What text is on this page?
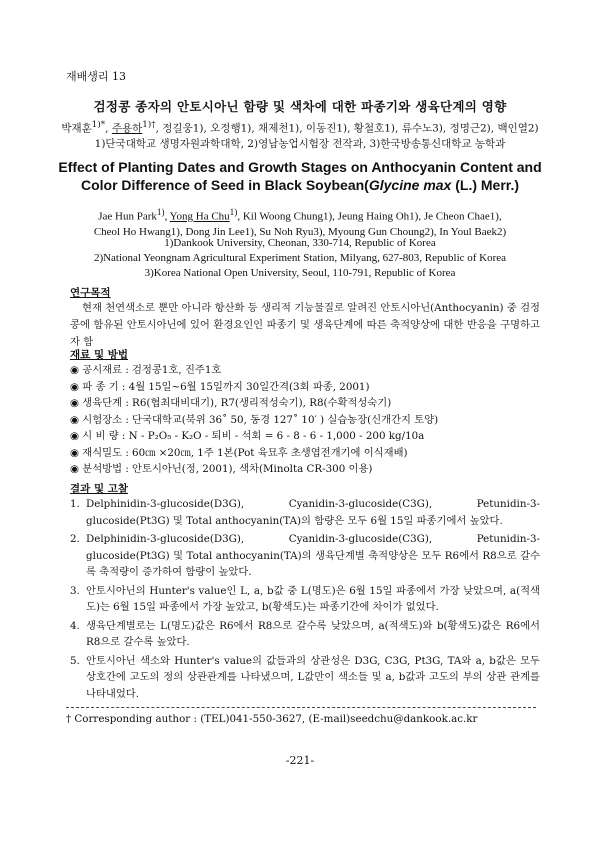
재배생리 13
검정콩 종자의 안토시아닌 함량 및 색차에 대한 파종기와 생육단계의 영향
박재훈$^{1)*}$, 주용하$^{1)\dagger}$, 정길웅1), 오정행1), 채제천1), 이동진1), 황철호1), 류수노3), 정명근2), 백인열2)
1)단국대학교 생명자원과학대학, 2)영남농업시험장 전작과, 3)한국방송통신대학교 농학과
Effect of Planting Dates and Growth Stages on Anthocyanin Content and
Color Difference of Seed in Black Soybean(Glycine max (L.) Merr.)
Jae Hun Park$^{1)}$, Yong Ha Chu$^{1)}$, Kil Woong Chung1), Jeung Haing Oh1), Je Cheon Chae1),
Cheol Ho Hwang1), Dong Jin Lee1), Su Noh Ryu3), Myoung Gun Choung2), In Youl Baek2)
1)Dankook University, Cheonan, 330-714, Republic of Korea
2)National Yeongnam Agricultural Experiment Station, Milyang, 627-803, Republic of Korea
3)Korea National Open University, Seoul, 110-791, Republic of Korea
연구목적
현재 천연색소로 뿐만 아니라 항산화 등 생리적 기능물질로 알려진 안토시아닌(Anthocyanin) 중 검정콩에 함유된 안토시아닌에 있어 환경요인인 파종기 및 생육단계에 따른 축적양상에 대한 반응을 구명하고자 함
재료 및 방법
◉ 공시재료 : 검정콩1호, 진주1호
◉ 파 종 기 : 4월 15일~6월 15일까지 30일간격(3회 파종, 2001)
◉ 생육단계 : R6(협최대비대기), R7(생리적성숙기), R8(수확적성숙기)
◉ 시험장소 : 단국대학교(북위 36˚ 50, 동경 127˚ 10′ ) 실습농장(신개간지 토양)
◉ 시 비 량 : N - P₂O₅ - K₂O - 퇴비 - 석회 = 6 - 8 - 6 - 1,000 - 200 kg/10a
◉ 재식밀도 : 60㎝ ×20㎝, 1주 1본(Pot 육묘후 초생엽전개기에 이식재배)
◉ 분석방법 : 안토시아닌(정, 2001), 색차(Minolta CR-300 이용)
결과 및 고찰
1. Delphinidin-3-glucoside(D3G), Cyanidin-3-glucoside(C3G), Petunidin-3-glucoside(Pt3G) 및 Total anthocyanin(TA)의 함량은 모두 6월 15일 파종기에서 높았다.
2. Delphinidin-3-glucoside(D3G), Cyanidin-3-glucoside(C3G), Petunidin-3-glucoside(Pt3G) 및 Total anthocyanin(TA)의 생육단계별 축적양상은 모두 R6에서 R8으로 갈수록 축적량이 증가하여 함량이 높았다.
3. 안토시아닌의 Hunter's value인 L, a, b값 중 L(명도)은 6월 15일 파종에서 가장 낮았으며, a(적색도)는 6월 15일 파종에서 가장 높았고, b(황색도)는 파종기간에 차이가 없었다.
4. 생육단계별로는 L(명도)값은 R6에서 R8으로 갈수록 낮았으며, a(적색도)와 b(황색도)값은 R6에서 R8으로 갈수록 높았다.
5. 안토시아닌 색소와 Hunter's value의 값들과의 상관성은 D3G, C3G, Pt3G, TA와 a, b값은 모두 상호간에 고도의 정의 상관관계를 나타냈으며, L값만이 색소들 및 a, b값과 고도의 부의 상관 관계를 나타내었다.
† Corresponding author : (TEL)041-550-3627, (E-mail)seedchu@dankook.ac.kr
-221-
